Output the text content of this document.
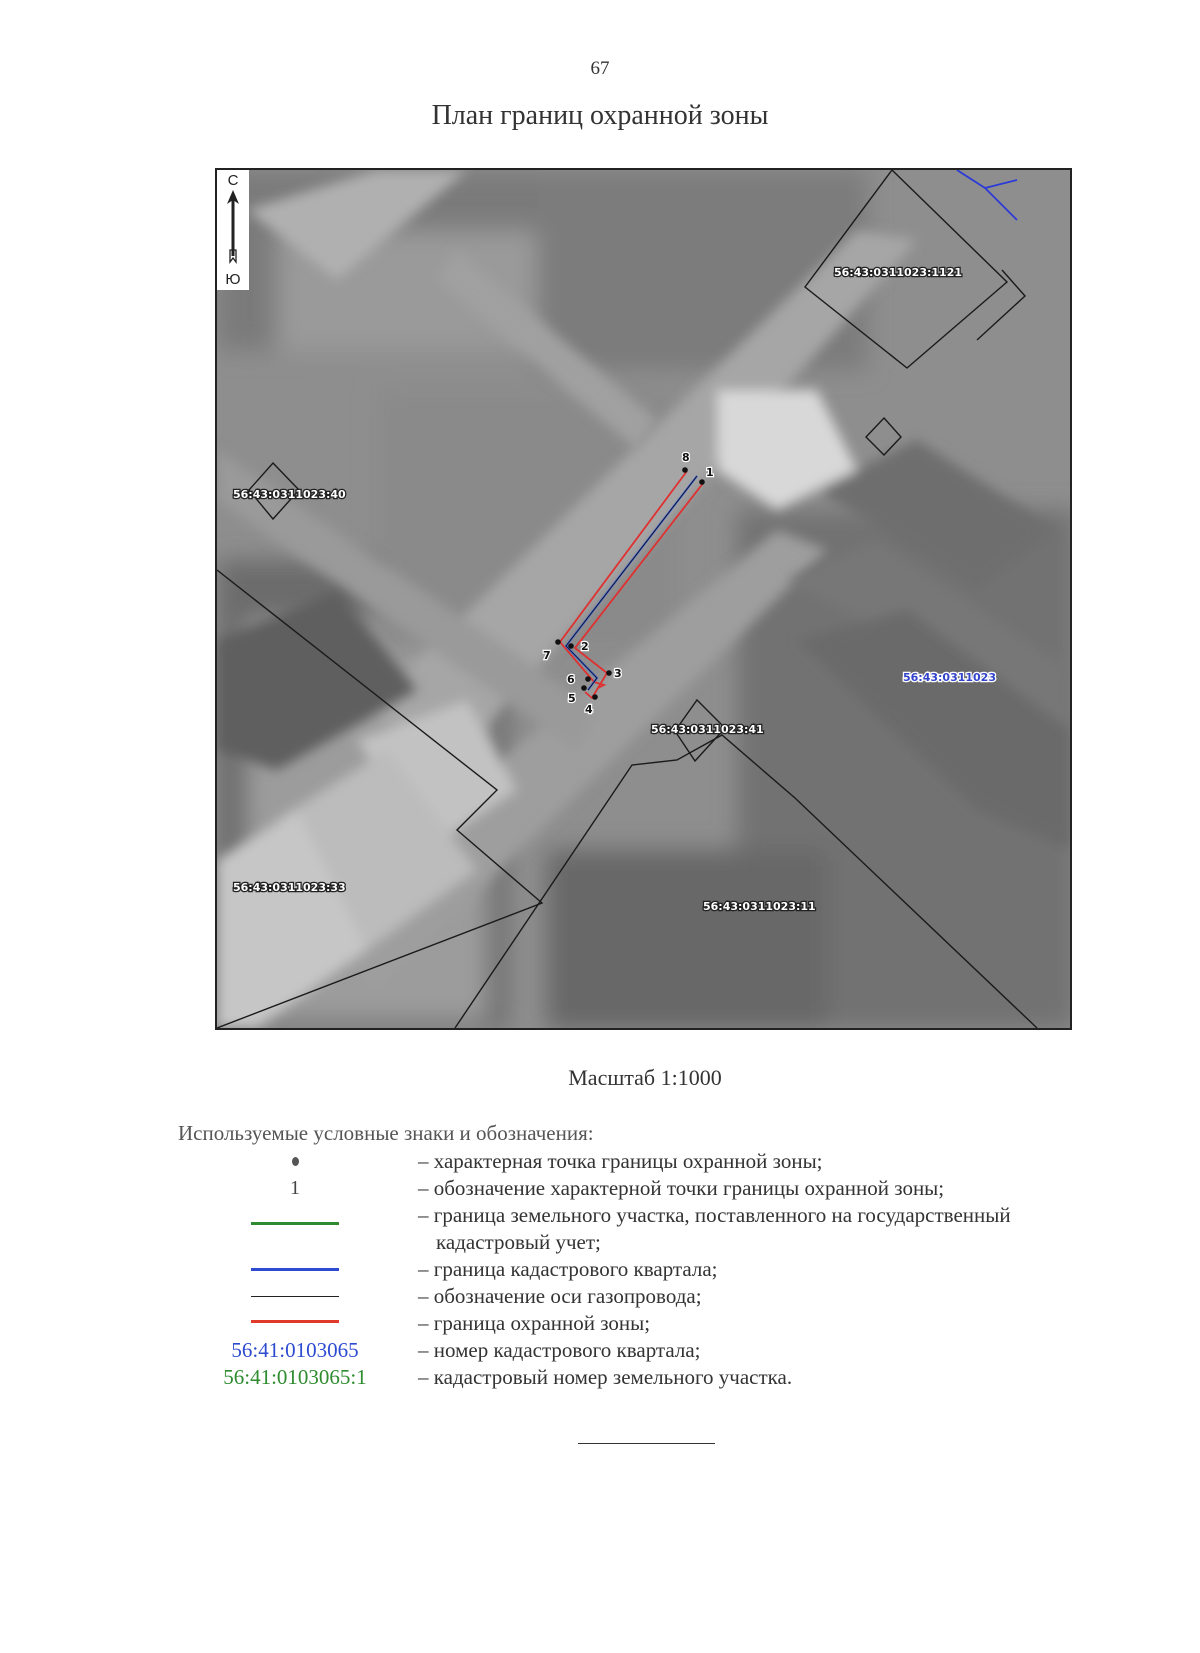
67
План границ охранной зоны
1
2
3
4
5
6
7
8
56:43:0311023:1121
56:43:0311023:40
56:43:0311023:41
56:43:0311023:33
56:43:0311023:11
56:43:0311023
С
Ю
Масштаб 1:1000
Используемые условные знаки и обозначения:
– характерная точка границы охранной зоны;
1	– обозначение характерной точки границы охранной зоны;
– граница земельного участка, поставленного на государственный
кадастровый учет;
– граница кадастрового квартала;
– обозначение оси газопровода;
– граница охранной зоны;
56:41:0103065	– номер кадастрового квартала;
56:41:0103065:1 – кадастровый номер земельного участка.
